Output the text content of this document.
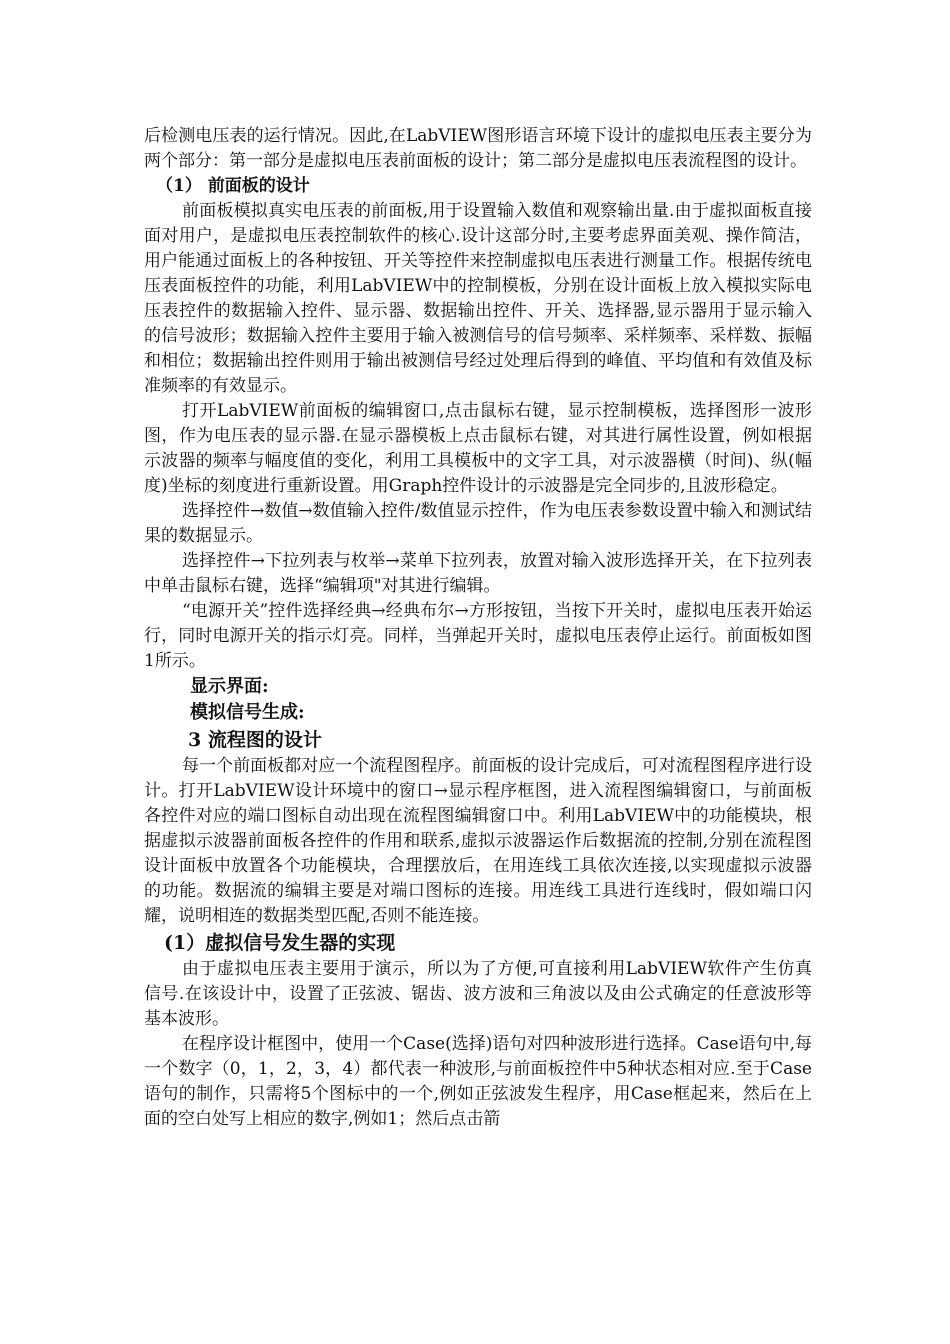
后检测电压表的运行情况。因此,在LabVIEW图形语言环境下设计的虚拟电压表主要分为两个部分：第一部分是虚拟电压表前面板的设计；第二部分是虚拟电压表流程图的设计。

（1） 前面板的设计

前面板模拟真实电压表的前面板,用于设置输入数值和观察输出量.由于虚拟面板直接面对用户，是虚拟电压表控制软件的核心.设计这部分时,主要考虑界面美观、操作简洁，用户能通过面板上的各种按钮、开关等控件来控制虚拟电压表进行测量工作。根据传统电压表面板控件的功能，利用LabVIEW中的控制模板，分别在设计面板上放入模拟实际电压表控件的数据输入控件、显示器、数据输出控件、开关、选择器,显示器用于显示输入的信号波形；数据输入控件主要用于输入被测信号的信号频率、采样频率、采样数、振幅和相位；数据输出控件则用于输出被测信号经过处理后得到的峰值、平均值和有效值及标准频率的有效显示。

打开LabVIEW前面板的编辑窗口,点击鼠标右键，显示控制模板，选择图形一波形图，作为电压表的显示器.在显示器模板上点击鼠标右键，对其进行属性设置，例如根据示波器的频率与幅度值的变化，利用工具模板中的文字工具，对示波器横（时间)、纵(幅度)坐标的刻度进行重新设置。用Graph控件设计的示波器是完全同步的,且波形稳定。

选择控件→数值→数值输入控件/数值显示控件，作为电压表参数设置中输入和测试结果的数据显示。

选择控件→下拉列表与枚举→菜单下拉列表，放置对输入波形选择开关，在下拉列表中单击鼠标右键，选择“编辑项"对其进行编辑。

“电源开关”控件选择经典→经典布尔→方形按钮，当按下开关时，虚拟电压表开始运行，同时电源开关的指示灯亮。同样，当弹起开关时，虚拟电压表停止运行。前面板如图1所示。

显示界面:
模拟信号生成:
3 流程图的设计

每一个前面板都对应一个流程图程序。前面板的设计完成后，可对流程图程序进行设计。打开LabVIEW设计环境中的窗口→显示程序框图，进入流程图编辑窗口，与前面板各控件对应的端口图标自动出现在流程图编辑窗口中。利用LabVIEW中的功能模块，根据虚拟示波器前面板各控件的作用和联系,虚拟示波器运作后数据流的控制,分别在流程图设计面板中放置各个功能模块，合理摆放后，在用连线工具依次连接,以实现虚拟示波器的功能。数据流的编辑主要是对端口图标的连接。用连线工具进行连线时，假如端口闪耀，说明相连的数据类型匹配,否则不能连接。

(1）虚拟信号发生器的实现

由于虚拟电压表主要用于演示，所以为了方便,可直接利用LabVIEW软件产生仿真信号.在该设计中，设置了正弦波、锯齿、波方波和三角波以及由公式确定的任意波形等基本波形。

在程序设计框图中，使用一个Case(选择)语句对四种波形进行选择。Case语句中,每一个数字（0，1，2，3，4）都代表一种波形,与前面板控件中5种状态相对应.至于Case语句的制作，只需将5个图标中的一个,例如正弦波发生程序，用Case框起来，然后在上面的空白处写上相应的数字,例如1；然后点击箭
